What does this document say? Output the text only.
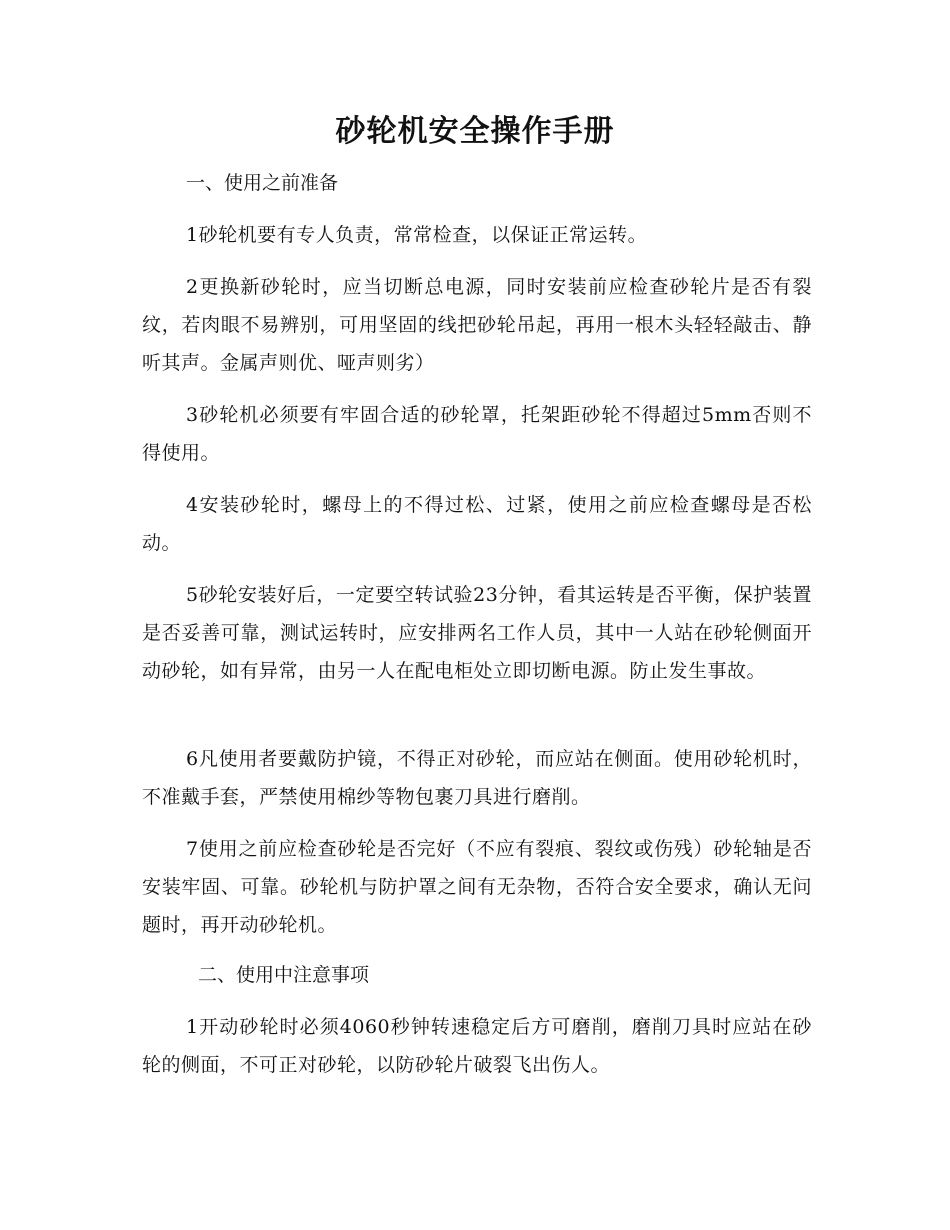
砂轮机安全操作手册
一、使用之前准备
1砂轮机要有专人负责，常常检查，以保证正常运转。
2更换新砂轮时，应当切断总电源，同时安装前应检查砂轮片是否有裂纹，若肉眼不易辨别，可用坚固的线把砂轮吊起，再用一根木头轻轻敲击、静听其声。金属声则优、哑声则劣）
3砂轮机必须要有牢固合适的砂轮罩，托架距砂轮不得超过5mm否则不得使用。
4安装砂轮时，螺母上的不得过松、过紧，使用之前应检查螺母是否松动。
5砂轮安装好后，一定要空转试验23分钟，看其运转是否平衡，保护装置是否妥善可靠，测试运转时，应安排两名工作人员，其中一人站在砂轮侧面开动砂轮，如有异常，由另一人在配电柜处立即切断电源。防止发生事故。
6凡使用者要戴防护镜，不得正对砂轮，而应站在侧面。使用砂轮机时，不准戴手套，严禁使用棉纱等物包裹刀具进行磨削。
7使用之前应检查砂轮是否完好（不应有裂痕、裂纹或伤残）砂轮轴是否安装牢固、可靠。砂轮机与防护罩之间有无杂物，否符合安全要求，确认无问题时，再开动砂轮机。
二、使用中注意事项
1开动砂轮时必须4060秒钟转速稳定后方可磨削，磨削刀具时应站在砂轮的侧面，不可正对砂轮，以防砂轮片破裂飞出伤人。
